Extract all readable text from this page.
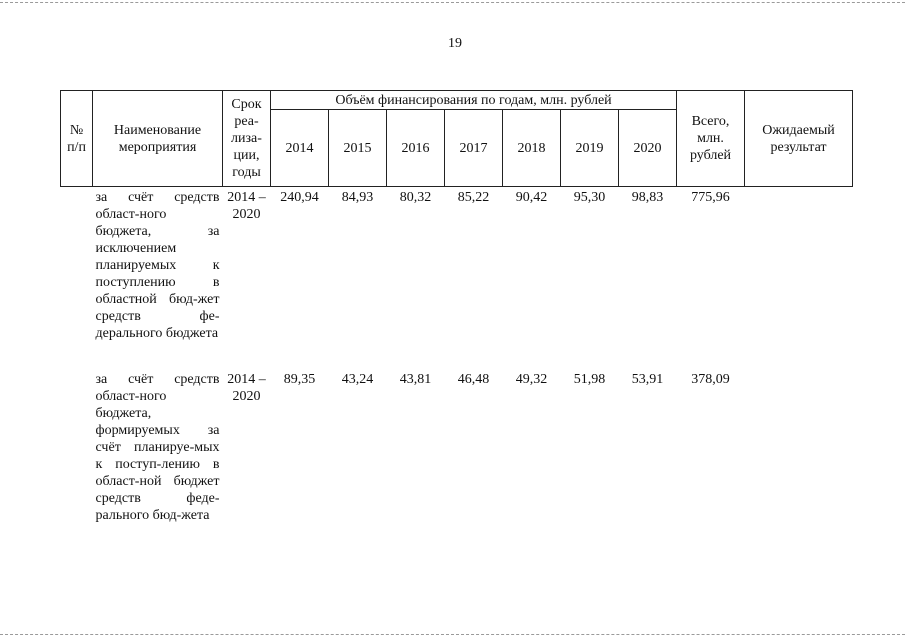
19
№ п/п	Наименование мероприятия	Срок реа-лиза-ции, годы	Объём финансирования по годам, млн. рублей							Всего, млн. рублей	Ожидаемый результат
			2014	2015	2016	2017	2018	2019	2020		
	за счёт средств област-ного бюджета, за исключением планируемых к поступлению в областной бюд-жет средств фе-дерального бюджета	2014 – 2020	240,94	84,93	80,32	85,22	90,42	95,30	98,83	775,96	
	за счёт средств област-ного бюджета, формируемых за счёт планируе-мых к поступ-лению в област-ной бюджет средств феде-рального бюд-жета	2014 – 2020	89,35	43,24	43,81	46,48	49,32	51,98	53,91	378,09	
